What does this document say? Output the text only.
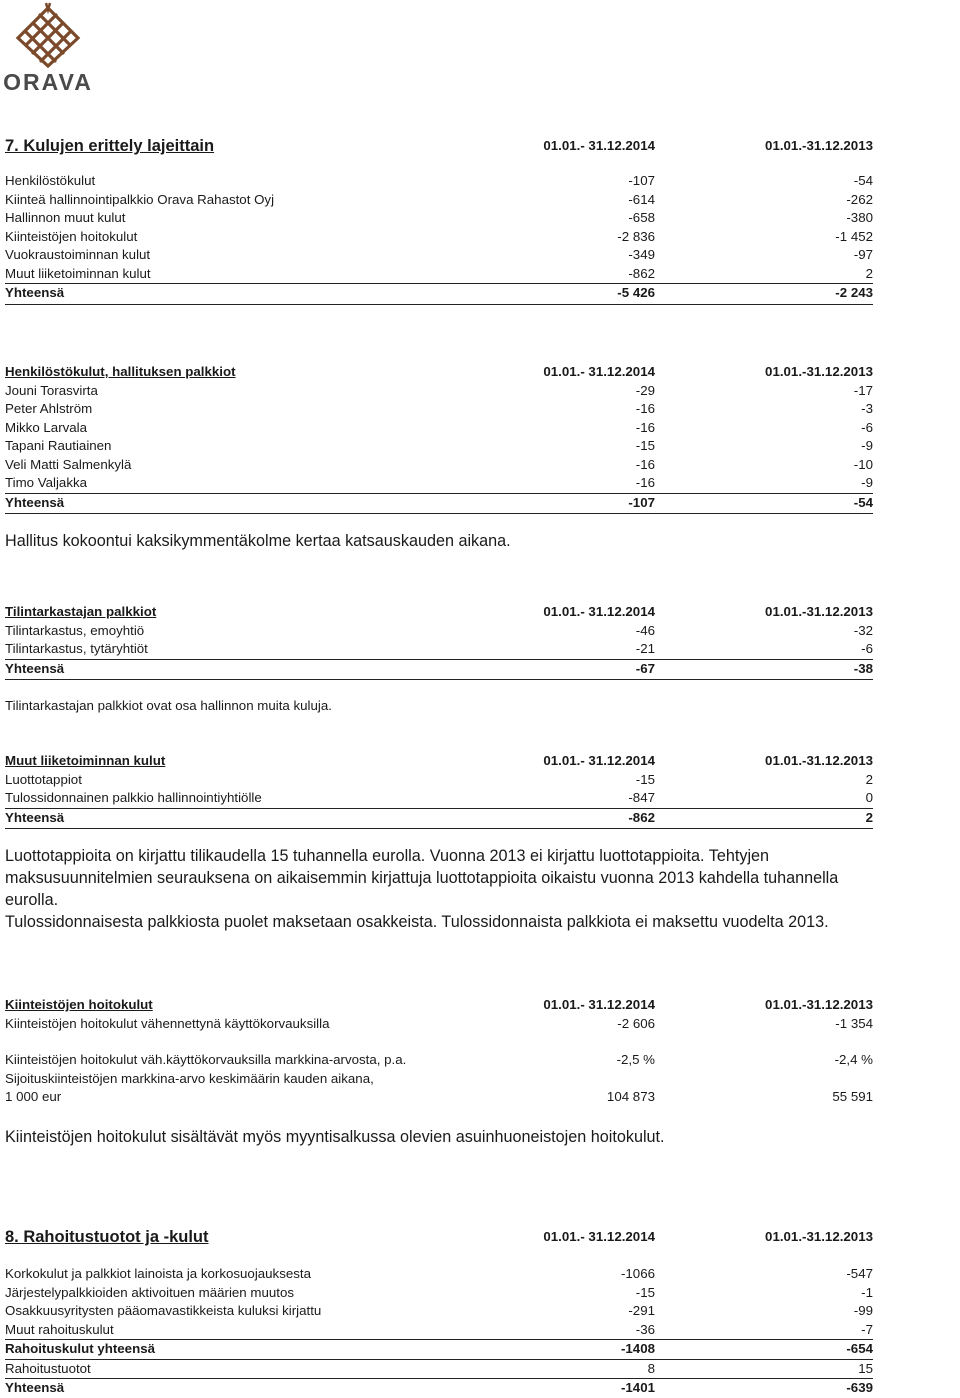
ORAVA
7. Kulujen erittely lajeittain	01.01.- 31.12.2014	01.01.-31.12.2013
Henkilöstökulut	-107	-54
Kiinteä hallinnointipalkkio Orava Rahastot Oyj	-614	-262
Hallinnon muut kulut	-658	-380
Kiinteistöjen hoitokulut	-2 836	-1 452
Vuokraustoiminnan kulut	-349	-97
Muut liiketoiminnan kulut	-862	2
Yhteensä	-5 426	-2 243
Henkilöstökulut, hallituksen palkkiot	01.01.- 31.12.2014	01.01.-31.12.2013
Jouni Torasvirta	-29	-17
Peter Ahlström	-16	-3
Mikko Larvala	-16	-6
Tapani Rautiainen	-15	-9
Veli Matti Salmenkylä	-16	-10
Timo Valjakka	-16	-9
Yhteensä	-107	-54
Hallitus kokoontui kaksikymmentäkolme kertaa katsauskauden aikana.
Tilintarkastajan palkkiot	01.01.- 31.12.2014	01.01.-31.12.2013
Tilintarkastus, emoyhtiö	-46	-32
Tilintarkastus, tytäryhtiöt	-21	-6
Yhteensä	-67	-38
Tilintarkastajan palkkiot ovat osa hallinnon muita kuluja.
Muut liiketoiminnan kulut	01.01.- 31.12.2014	01.01.-31.12.2013
Luottotappiot	-15	2
Tulossidonnainen palkkio hallinnointiyhtiölle	-847	0
Yhteensä	-862	2
Luottotappioita on kirjattu tilikaudella 15 tuhannella eurolla. Vuonna 2013 ei kirjattu luottotappioita. Tehtyjen maksusuunnitelmien seurauksena on aikaisemmin kirjattuja luottotappioita oikaistu vuonna 2013 kahdella tuhannella eurolla.
Tulossidonnaisesta palkkiosta puolet maksetaan osakkeista. Tulossidonnaista palkkiota ei maksettu vuodelta 2013.
Kiinteistöjen hoitokulut	01.01.- 31.12.2014	01.01.-31.12.2013
Kiinteistöjen hoitokulut vähennettynä käyttökorvauksilla	-2 606	-1 354
Kiinteistöjen hoitokulut väh.käyttökorvauksilla markkina-arvosta, p.a.	-2,5 %	-2,4 %
Sijoituskiinteistöjen markkina-arvo keskimäärin kauden aikana,
1 000 eur	104 873	55 591
Kiinteistöjen hoitokulut sisältävät myös myyntisalkussa olevien asuinhuoneistojen hoitokulut.
8. Rahoitustuotot ja -kulut	01.01.- 31.12.2014	01.01.-31.12.2013
Korkokulut ja palkkiot lainoista ja korkosuojauksesta	-1066	-547
Järjestelypalkkioiden aktivoituen määrien muutos	-15	-1
Osakkuusyritysten pääomavastikkeista kuluksi kirjattu	-291	-99
Muut rahoituskulut	-36	-7
Rahoituskulut yhteensä	-1408	-654
Rahoitustuotot	8	15
Yhteensä	-1401	-639
